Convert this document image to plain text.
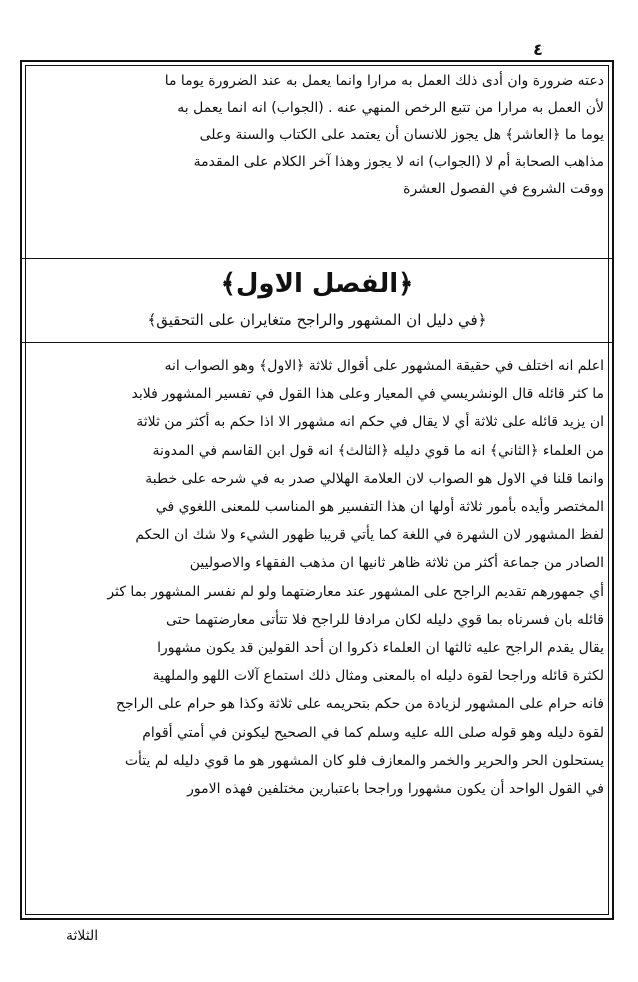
٤

دعته ضرورة وان أدى ذلك العمل به مرارا وانما يعمل به عند الضرورة يوما ما
لأن العمل به مرارا من تتبع الرخص المنهي عنه . (الجواب) انه انما يعمل به
يوما ما ﴿العاشر﴾ هل يجوز للانسان أن يعتمد على الكتاب والسنة وعلى
مذاهب الصحابة أم لا (الجواب) انه لا يجوز وهذا آخر الكلام على المقدمة
ووقت الشروع في الفصول العشرة

﴿الفصل الاول﴾
﴿في دليل ان المشهور والراجح متغايران على التحقيق﴾

اعلم انه اختلف في حقيقة المشهور على أقوال ثلاثة ﴿الاول﴾ وهو الصواب انه
ما كثر قائله قال الونشريسي في المعيار وعلى هذا القول في تفسير المشهور فلابد
ان يزيد قائله على ثلاثة أي لا يقال في حكم انه مشهور الا اذا حكم به أكثر من ثلاثة
من العلماء ﴿الثاني﴾ انه ما قوي دليله ﴿الثالث﴾ انه قول ابن القاسم في المدونة
وانما قلنا في الاول هو الصواب لان العلامة الهلالي صدر به في شرحه على خطبة
المختصر وأيده بأمور ثلاثة أولها ان هذا التفسير هو المناسب للمعنى اللغوي في
لفظ المشهور لان الشهرة في اللغة كما يأتي قريبا ظهور الشيء ولا شك ان الحكم
الصادر من جماعة أكثر من ثلاثة ظاهر ثانيها ان مذهب الفقهاء والاصوليين
أي جمهورهم تقديم الراجح على المشهور عند معارضتهما ولو لم نفسر المشهور بما كثر
قائله بان فسرناه بما قوي دليله لكان مرادفا للراجح فلا تتأتى معارضتهما حتى
يقال يقدم الراجح عليه ثالثها ان العلماء ذكروا ان أحد القولين قد يكون مشهورا
لكثرة قائله وراجحا لقوة دليله اه بالمعنى ومثال ذلك استماع آلات اللهو والملهية
فانه حرام على المشهور لزيادة من حكم بتحريمه على ثلاثة وكذا هو حرام على الراجح
لقوة دليله وهو قوله صلى الله عليه وسلم كما في الصحيح ليكونن في أمتي أقوام
يستحلون الحر والحرير والخمر والمعازف فلو كان المشهور هو ما قوي دليله لم يتأت
في القول الواحد أن يكون مشهورا وراجحا باعتبارين مختلفين فهذه الامور

الثلاثة
